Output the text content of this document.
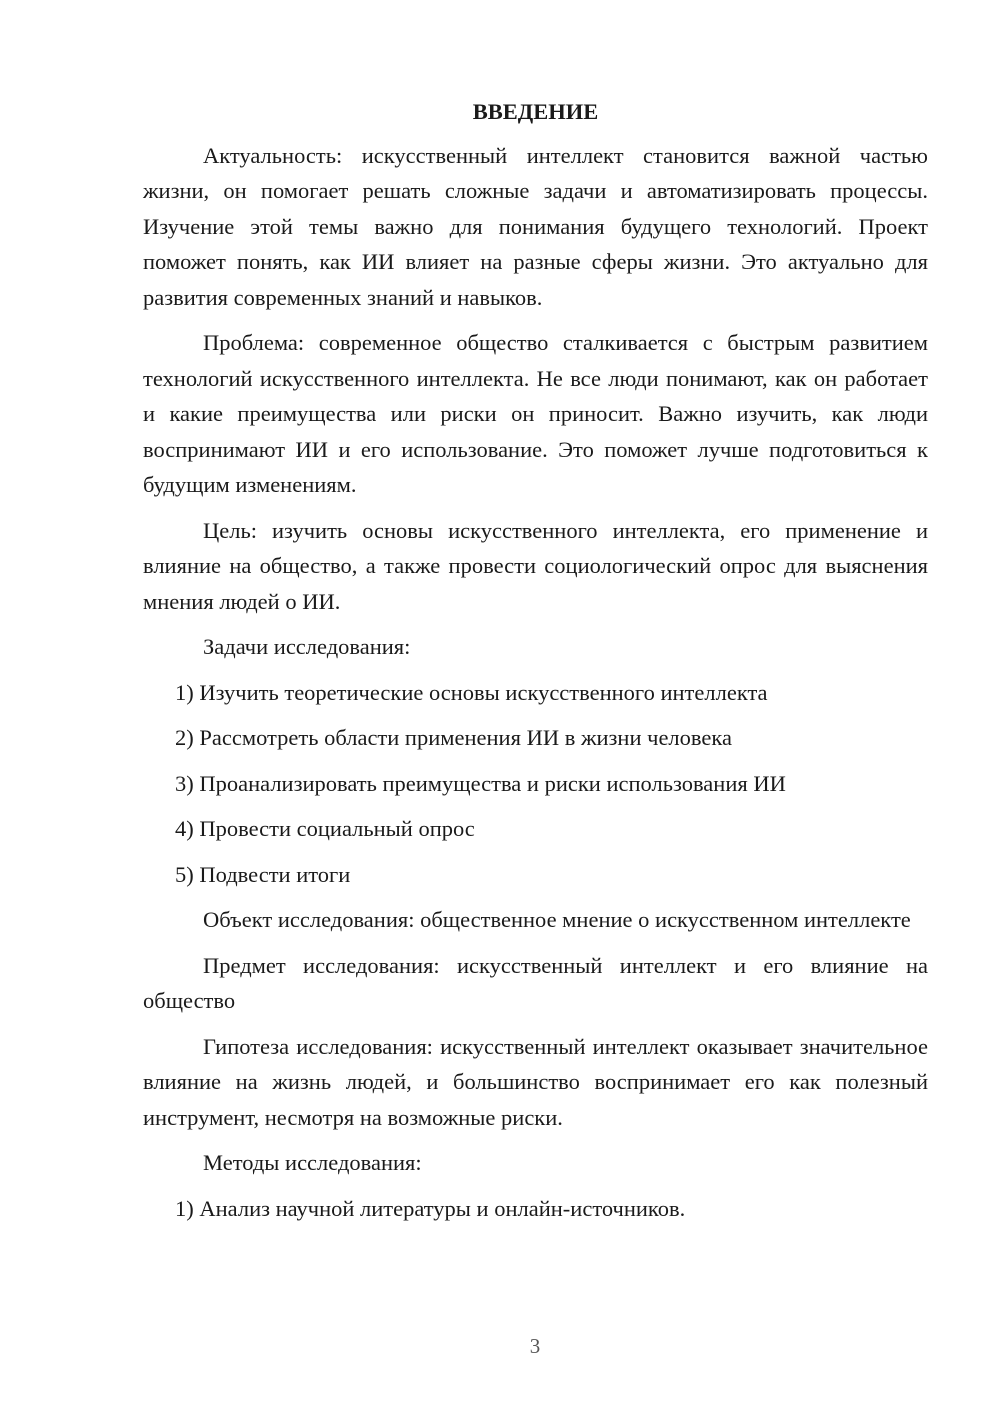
ВВЕДЕНИЕ

Актуальность: искусственный интеллект становится важной частью жизни, он помогает решать сложные задачи и автоматизировать процессы. Изучение этой темы важно для понимания будущего технологий. Проект поможет понять, как ИИ влияет на разные сферы жизни. Это актуально для развития современных знаний и навыков.

Проблема: современное общество сталкивается с быстрым развитием технологий искусственного интеллекта. Не все люди понимают, как он работает и какие преимущества или риски он приносит. Важно изучить, как люди воспринимают ИИ и его использование. Это поможет лучше подготовиться к будущим изменениям.

Цель: изучить основы искусственного интеллекта, его применение и влияние на общество, а также провести социологический опрос для выяснения мнения людей о ИИ.

Задачи исследования:

1) Изучить теоретические основы искусственного интеллекта
2) Рассмотреть области применения ИИ в жизни человека
3) Проанализировать преимущества и риски использования ИИ
4) Провести социальный опрос
5) Подвести итоги

Объект исследования: общественное мнение о искусственном интеллекте

Предмет исследования: искусственный интеллект и его влияние на общество

Гипотеза исследования: искусственный интеллект оказывает значительное влияние на жизнь людей, и большинство воспринимает его как полезный инструмент, несмотря на возможные риски.

Методы исследования:

1) Анализ научной литературы и онлайн-источников.
3
